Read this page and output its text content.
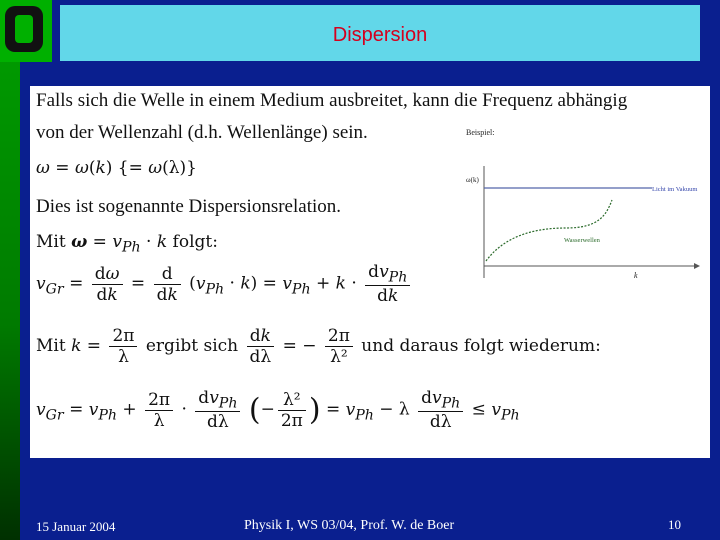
Dispersion
Falls sich die Welle in einem Medium ausbreitet, kann die Frequenz abhängig
von der Wellenzahl (d.h. Wellenlänge) sein.
ω = ω(k) {= ω(λ)}
Dies ist sogenannte Dispersionsrelation.
Mit $\omega = v_{Ph} \cdot k$ folgt:
$v_{Gr} = \frac{d\omega}{dk} = \frac{d}{dk} (v_{Ph} \cdot k) = v_{Ph} + k \cdot \frac{dv_{Ph}}{dk}$
Mit $k = \frac{2\pi}{\lambda}$ ergibt sich $\frac{dk}{d\lambda}$ = − $\frac{2\pi}{\text{λ²}}$ und daraus folgt wiederum:
$v_{Gr} = v_{Ph} + \frac{2\pi}{\lambda} \cdot \frac{dv_{Ph}}{d\lambda}$ (− $\frac{\text{λ²}}{2\pi}$ ) = $v_{Ph} - \lambda \frac{dv_{Ph}}{d\lambda} \le v_{Ph}$
Beispiel:
ω(k)
k
Licht im Vakuum
Wasserwellen
15 Januar 2004	Physik I, WS 03/04, Prof. W. de Boer	10
